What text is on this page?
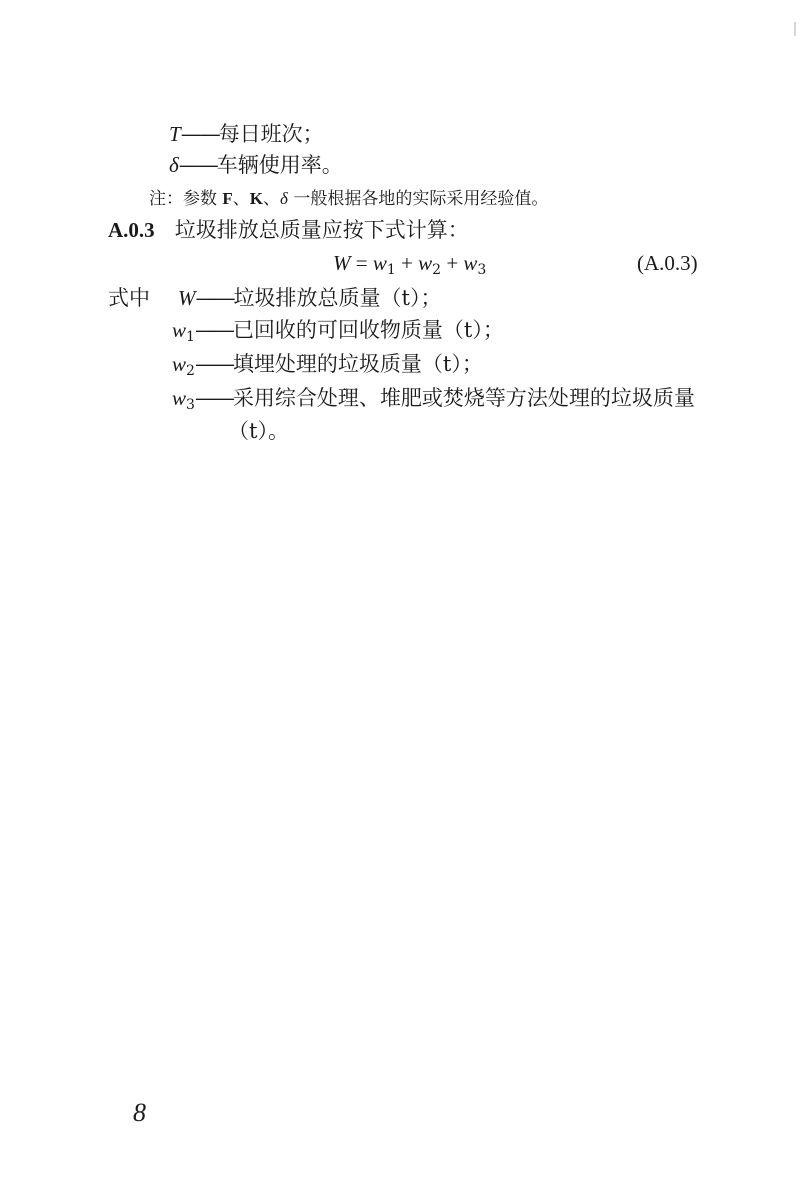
T——每日班次；
δ——车辆使用率。
注：参数 F、K、δ 一般根据各地的实际采用经验值。
A.0.3 垃圾排放总质量应按下式计算：
$W = w_1 + w_2 + w_3$	(A.0.3)
式中 W——垃圾排放总质量（t）；
$w_1——$已回收的可回收物质量（t）；
$w_2——$填埋处理的垃圾质量（t）；
$w_3——$采用综合处理、堆肥或焚烧等方法处理的垃圾质量
（t）。
8
